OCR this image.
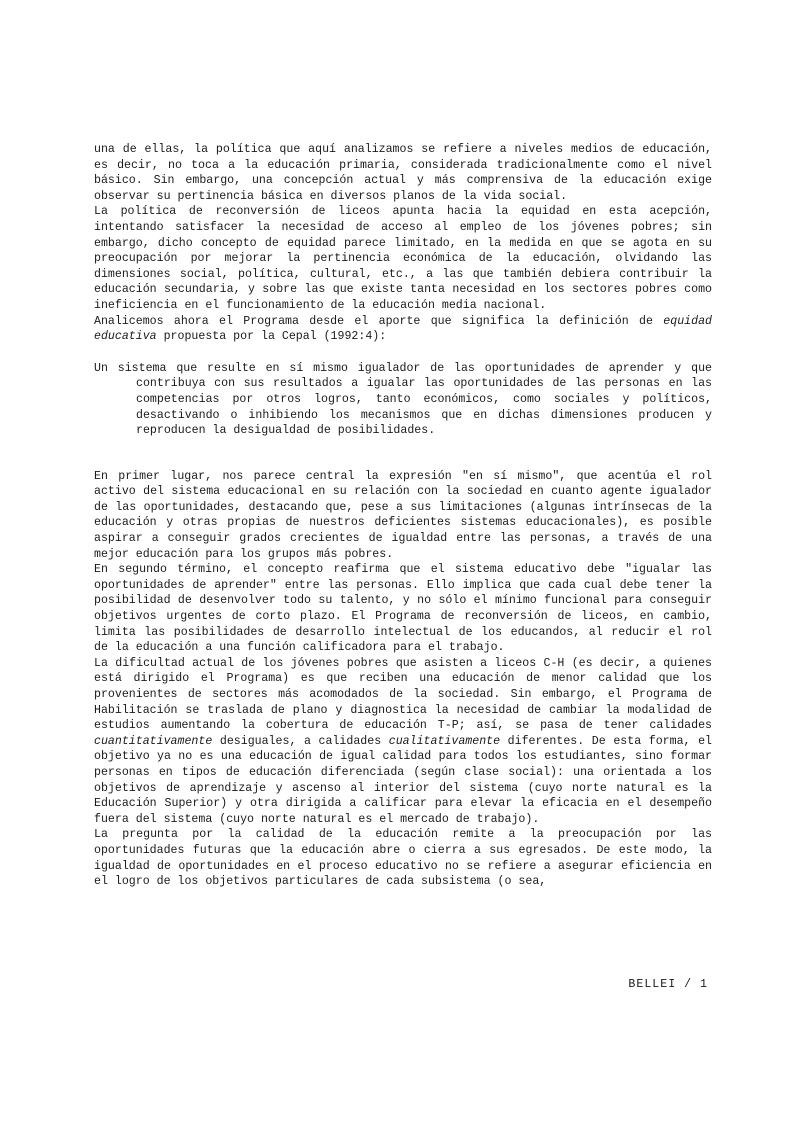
una de ellas, la política que aquí analizamos se refiere a niveles medios de educación, es decir, no toca a la educación primaria, considerada tradicionalmente como el nivel básico. Sin embargo, una concepción actual y más comprensiva de la educación exige observar su pertinencia básica en diversos planos de la vida social.

La política de reconversión de liceos apunta hacia la equidad en esta acepción, intentando satisfacer la necesidad de acceso al empleo de los jóvenes pobres; sin embargo, dicho concepto de equidad parece limitado, en la medida en que se agota en su preocupación por mejorar la pertinencia económica de la educación, olvidando las dimensiones social, política, cultural, etc., a las que también debiera contribuir la educación secundaria, y sobre las que existe tanta necesidad en los sectores pobres como ineficiencia en el funcionamiento de la educación media nacional.

Analicemos ahora el Programa desde el aporte que significa la definición de equidad educativa propuesta por la Cepal (1992:4):

Un sistema que resulte en sí mismo igualador de las oportunidades de aprender y que contribuya con sus resultados a igualar las oportunidades de las personas en las competencias por otros logros, tanto económicos, como sociales y políticos, desactivando o inhibiendo los mecanismos que en dichas dimensiones producen y reproducen la desigualdad de posibilidades.

En primer lugar, nos parece central la expresión "en sí mismo", que acentúa el rol activo del sistema educacional en su relación con la sociedad en cuanto agente igualador de las oportunidades, destacando que, pese a sus limitaciones (algunas intrínsecas de la educación y otras propias de nuestros deficientes sistemas educacionales), es posible aspirar a conseguir grados crecientes de igualdad entre las personas, a través de una mejor educación para los grupos más pobres.

En segundo término, el concepto reafirma que el sistema educativo debe "igualar las oportunidades de aprender" entre las personas. Ello implica que cada cual debe tener la posibilidad de desenvolver todo su talento, y no sólo el mínimo funcional para conseguir objetivos urgentes de corto plazo. El Programa de reconversión de liceos, en cambio, limita las posibilidades de desarrollo intelectual de los educandos, al reducir el rol de la educación a una función calificadora para el trabajo.

La dificultad actual de los jóvenes pobres que asisten a liceos C-H (es decir, a quienes está dirigido el Programa) es que reciben una educación de menor calidad que los provenientes de sectores más acomodados de la sociedad. Sin embargo, el Programa de Habilitación se traslada de plano y diagnostica la necesidad de cambiar la modalidad de estudios aumentando la cobertura de educación T-P; así, se pasa de tener calidades cuantitativamente desiguales, a calidades cualitativamente diferentes. De esta forma, el objetivo ya no es una educación de igual calidad para todos los estudiantes, sino formar personas en tipos de educación diferenciada (según clase social): una orientada a los objetivos de aprendizaje y ascenso al interior del sistema (cuyo norte natural es la Educación Superior) y otra dirigida a calificar para elevar la eficacia en el desempeño fuera del sistema (cuyo norte natural es el mercado de trabajo).

La pregunta por la calidad de la educación remite a la preocupación por las oportunidades futuras que la educación abre o cierra a sus egresados. De este modo, la igualdad de oportunidades en el proceso educativo no se refiere a asegurar eficiencia en el logro de los objetivos particulares de cada subsistema (o sea,

BELLEI / 1
